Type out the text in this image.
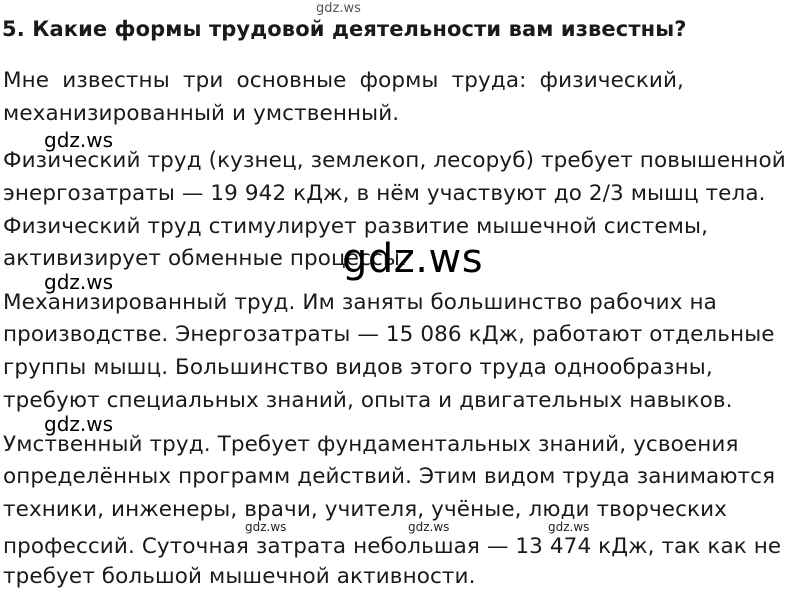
gdz.ws
5. Какие формы трудовой деятельности вам известны?
Мне известны три основные формы труда: физический,
механизированный и умственный.
gdz.ws
Физический труд (кузнец, землекоп, лесоруб) требует повышенной
энергозатраты — 19 942 кДж, в нём участвуют до 2/3 мышц тела.
Физический труд стимулирует развитие мышечной системы,
активизирует обменные процессы.
gdz.ws
gdz.ws
Механизированный труд. Им заняты большинство рабочих на
производстве. Энергозатраты — 15 086 кДж, работают отдельные
группы мышц. Большинство видов этого труда однообразны,
требуют специальных знаний, опыта и двигательных навыков.
gdz.ws
Умственный труд. Требует фундаментальных знаний, усвоения
определённых программ действий. Этим видом труда занимаются
техники, инженеры, врачи, учителя, учёные, люди творческих
gdz.ws	gdz.ws	gdz.ws
профессий. Суточная затрата небольшая — 13 474 кДж, так как не
требует большой мышечной активности.
